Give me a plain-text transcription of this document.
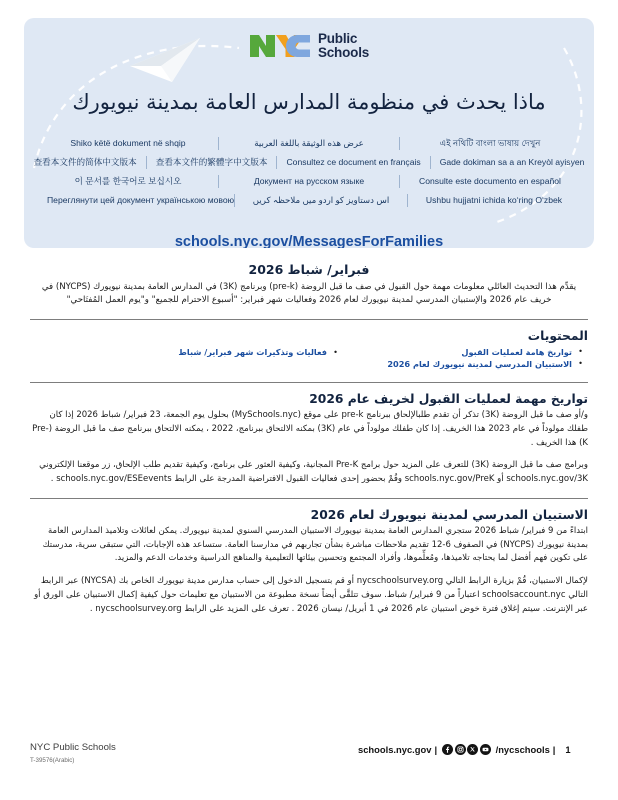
Public
Schools
ماذا يحدث في منظومة المدارس العامة بمدينة نيويورك
Shiko këtë dokument në shqip	عرض هذه الوثيقة باللغة العربية	এই নথিটি বাংলা ভাষায় দেখুন
查看本文件的简体中文版本	查看本文件的繁體字中文版本	Consultez ce document en français	Gade dokiman sa a an Kreyòl ayisyen
이 문서를 한국어로 보십시오	Документ на русском языке	Consulte este documento en español
Переглянути цей документ українською мовою	اس دستاویز کو اردو میں ملاحظہ کریں	Ushbu hujjatni ichida ko‘ring O‘zbek
schools.nyc.gov/MessagesForFamilies
فبراير/ شباط 2026

يقدِّم هذا التحديث العائلي معلومات مهمة حول القبول في صف ما قبل الروضة (pre-k) وبرنامج (3K) في المدارس العامة بمدينة نيويورك (NYCPS) في خريف عام 2026 والإستبيان المدرسي لمدينة نيويورك لعام 2026 وفعاليات شهر فبراير: "أسبوع الاحترام للجميع" و"يوم العمل المُفتَاحي"

المحتويات
• تواريخ هامة لعمليات القبول
• فعاليات وتذكيرات شهر فبراير/ شباط
• الاستبيان المدرسي لمدينة نيويورك لعام 2026
تواريخ مهمة لعمليات القبول لخريف عام 2026

و/أو صف ما قبل الروضة (3K) تذكر أن تقدم طلبالإلحاق ببرنامج pre-k على موقع (MySchools.nyc) بحلول يوم الجمعة، 23 فبراير/ شباط 2026 إذا كان طفلك مولوداً في عام 2023 هذا الخريف. إذا كان طفلك مولوداً في عام (3K) بمكنه الالتحاق ببرنامج، 2022 ، يمكنه الالتحاق ببرنامج صف ما قبل الروضة (Pre-K) هذا الخريف .

وبرامج صف ما قبل الروضة (3K) للتعرف على المزيد حول برامج Pre-K المجانية، وكيفية العثور على برنامج، وكيفية تقديم طلب الإلحاق، زر موقعنا الإلكتروني schools.nyc.gov/3K أو schools.nyc.gov/PreK وقُمْ بحضور إحدى فعاليات القبول الافتراضية المدرجة على الرابط schools.nyc.gov/ESEevents .

الاستبيان المدرسي لمدينة نيويورك لعام 2026

ابتداءً من 9 فبراير/ شباط 2026 ستجري المدارس العامة بمدينة نيويورك الاستبيان المدرسي السنوي لمدينة نيويورك. يمكن لعائلات وتلاميذ المدارس العامة بمدينة نيويورك (NYCPS) في الصفوف 6-12 تقديم ملاحظات مباشرة بشأن تجاربهم في مدارسنا العامة. ستساعد هذه الإجابات، التي ستبقى سرية، مدرستك على تكوين فهم أفضل لما يحتاجه تلاميذها، ومُعلِّموها، وأفراد المجتمع وتحسين بيئاتها التعليمية والمناهج الدراسية وخدمات الدعم والمزيد.

لإكمال الاستبيان، قُمْ بزيارة الرابط التالي nycschoolsurvey.org أو قم بتسجيل الدخول إلى حساب مدارس مدينة نيويورك الخاص بك (NYCSA) عبر الرابط التالي schoolsaccount.nyc اعتباراً من 9 فبراير/ شباط. سوف تتلقَّى أيضاً نسخة مطبوعة من الاستبيان مع تعليمات حول كيفية إكمال الاستبيان على الورق أو عبر الإنترنت. سيتم إغلاق فترة خوض استبيان عام 2026 في 1 أبريل/ نيسان 2026 . تعرف على المزيد على الرابط nycschoolsurvey.org .

NYC Public Schools
T-39576(Arabic)
schools.nyc.gov |	/nycschools | 1
